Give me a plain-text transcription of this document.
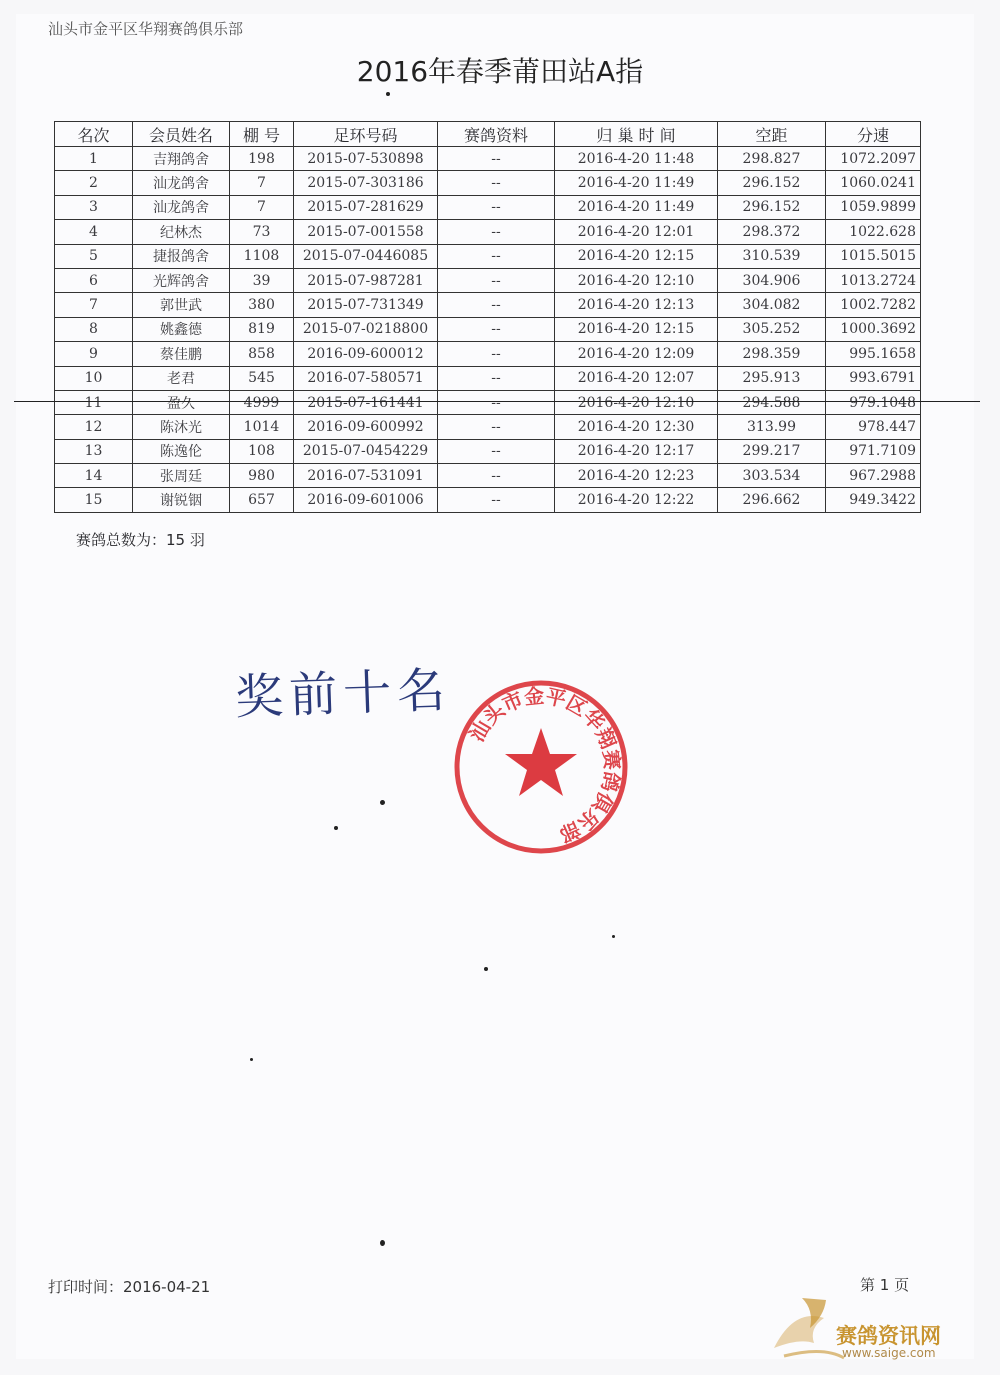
汕头市金平区华翔赛鸽俱乐部
2016年春季莆田站A指
名次	会员姓名	棚 号	足环号码	赛鸽资料	归 巢 时 间	空距	分速
1	吉翔鸽舍	198	2015-07-530898	--	2016-4-20 11:48	298.827	1072.2097
2	汕龙鸽舍	7	2015-07-303186	--	2016-4-20 11:49	296.152	1060.0241
3	汕龙鸽舍	7	2015-07-281629	--	2016-4-20 11:49	296.152	1059.9899
4	纪林杰	73	2015-07-001558	--	2016-4-20 12:01	298.372	1022.628
5	捷报鸽舍	1108	2015-07-0446085	--	2016-4-20 12:15	310.539	1015.5015
6	光辉鸽舍	39	2015-07-987281	--	2016-4-20 12:10	304.906	1013.2724
7	郭世武	380	2015-07-731349	--	2016-4-20 12:13	304.082	1002.7282
8	姚鑫德	819	2015-07-0218800	--	2016-4-20 12:15	305.252	1000.3692
9	蔡佳鹏	858	2016-09-600012	--	2016-4-20 12:09	298.359	995.1658
10	老君	545	2016-07-580571	--	2016-4-20 12:07	295.913	993.6791
11	盈久	4999	2015-07-161441	--	2016-4-20 12:10	294.588	979.1048
12	陈沐光	1014	2016-09-600992	--	2016-4-20 12:30	313.99	978.447
13	陈逸伦	108	2015-07-0454229	--	2016-4-20 12:17	299.217	971.7109
14	张周廷	980	2016-07-531091	--	2016-4-20 12:23	303.534	967.2988
15	谢锐铟	657	2016-09-601006	--	2016-4-20 12:22	296.662	949.3422
赛鸽总数为：15 羽
奖前十名
汕头市金平区华翔赛鸽俱乐部
打印时间：2016-04-21	第 1 页
赛鸽资讯网
www.saige.com
